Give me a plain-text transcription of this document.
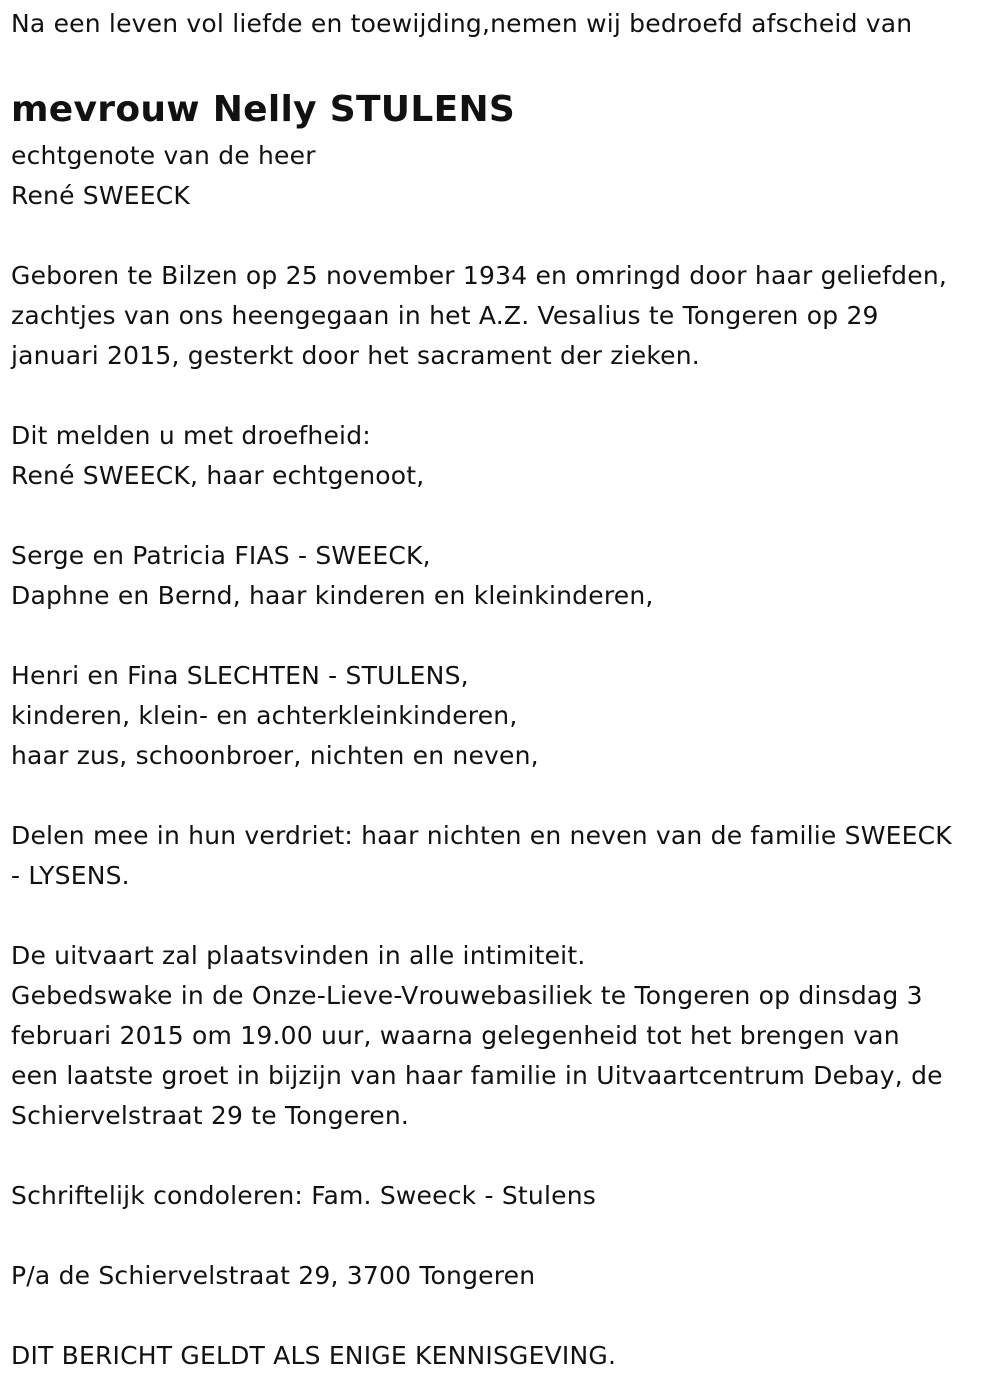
Na een leven vol liefde en toewijding,nemen wij bedroefd afscheid van
mevrouw Nelly STULENS
echtgenote van de heer
René SWEECK
Geboren te Bilzen op 25 november 1934 en omringd door haar geliefden,
zachtjes van ons heengegaan in het A.Z. Vesalius te Tongeren op 29
januari 2015, gesterkt door het sacrament der zieken.
Dit melden u met droefheid:
René SWEECK, haar echtgenoot,
Serge en Patricia FIAS - SWEECK,
Daphne en Bernd, haar kinderen en kleinkinderen,
Henri en Fina SLECHTEN - STULENS,
kinderen, klein- en achterkleinkinderen,
haar zus, schoonbroer, nichten en neven,
Delen mee in hun verdriet: haar nichten en neven van de familie SWEECK
- LYSENS.
De uitvaart zal plaatsvinden in alle intimiteit.
Gebedswake in de Onze-Lieve-Vrouwebasiliek te Tongeren op dinsdag 3
februari 2015 om 19.00 uur, waarna gelegenheid tot het brengen van
een laatste groet in bijzijn van haar familie in Uitvaartcentrum Debay, de
Schiervelstraat 29 te Tongeren.
Schriftelijk condoleren: Fam. Sweeck - Stulens
P/a de Schiervelstraat 29, 3700 Tongeren
DIT BERICHT GELDT ALS ENIGE KENNISGEVING.
